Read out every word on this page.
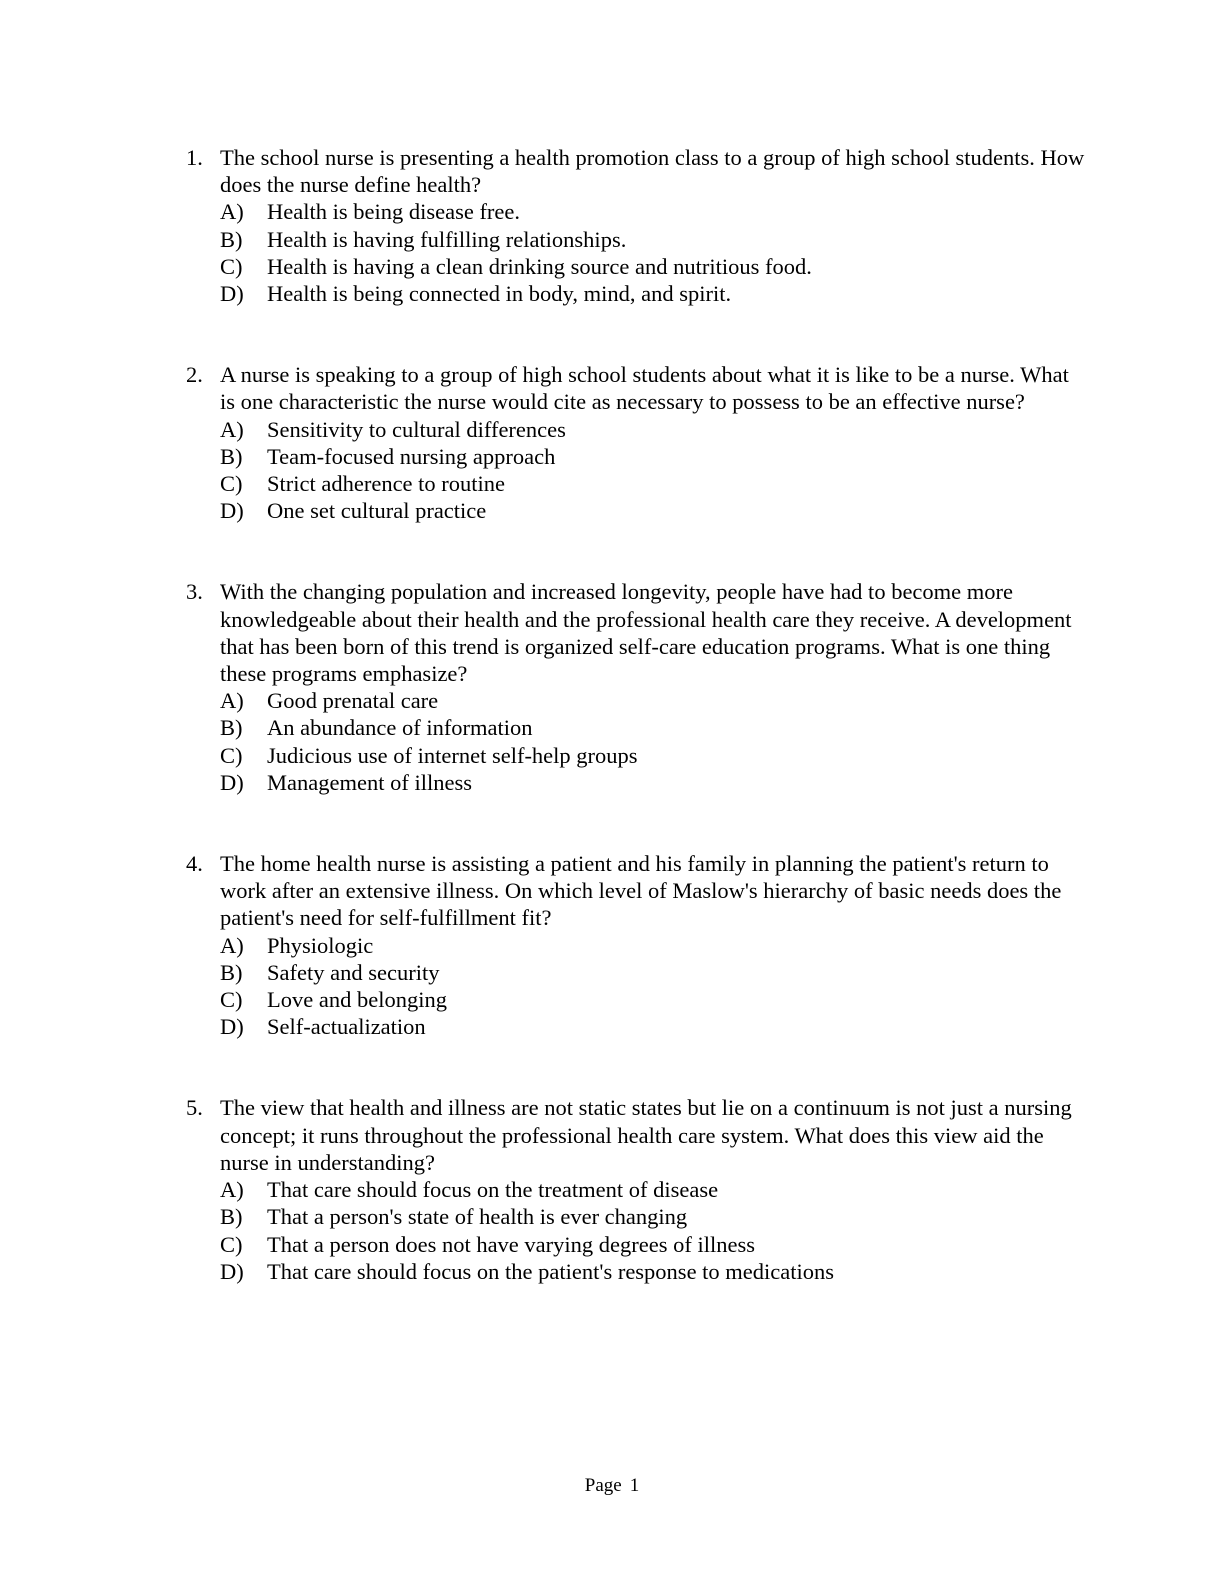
1. The school nurse is presenting a health promotion class to a group of high school students. How does the nurse define health?
A)	Health is being disease free.
B)	Health is having fulfilling relationships.
C)	Health is having a clean drinking source and nutritious food.
D)	Health is being connected in body, mind, and spirit.
2. A nurse is speaking to a group of high school students about what it is like to be a nurse. What is one characteristic the nurse would cite as necessary to possess to be an effective nurse?
A)	Sensitivity to cultural differences
B)	Team-focused nursing approach
C)	Strict adherence to routine
D)	One set cultural practice
3. With the changing population and increased longevity, people have had to become more knowledgeable about their health and the professional health care they receive. A development that has been born of this trend is organized self-care education programs. What is one thing these programs emphasize?
A)	Good prenatal care
B)	An abundance of information
C)	Judicious use of internet self-help groups
D)	Management of illness
4. The home health nurse is assisting a patient and his family in planning the patient's return to work after an extensive illness. On which level of Maslow's hierarchy of basic needs does the patient's need for self-fulfillment fit?
A)	Physiologic
B)	Safety and security
C)	Love and belonging
D)	Self-actualization
5. The view that health and illness are not static states but lie on a continuum is not just a nursing concept; it runs throughout the professional health care system. What does this view aid the nurse in understanding?
A)	That care should focus on the treatment of disease
B)	That a person's state of health is ever changing
C)	That a person does not have varying degrees of illness
D)	That care should focus on the patient's response to medications
Page 1
